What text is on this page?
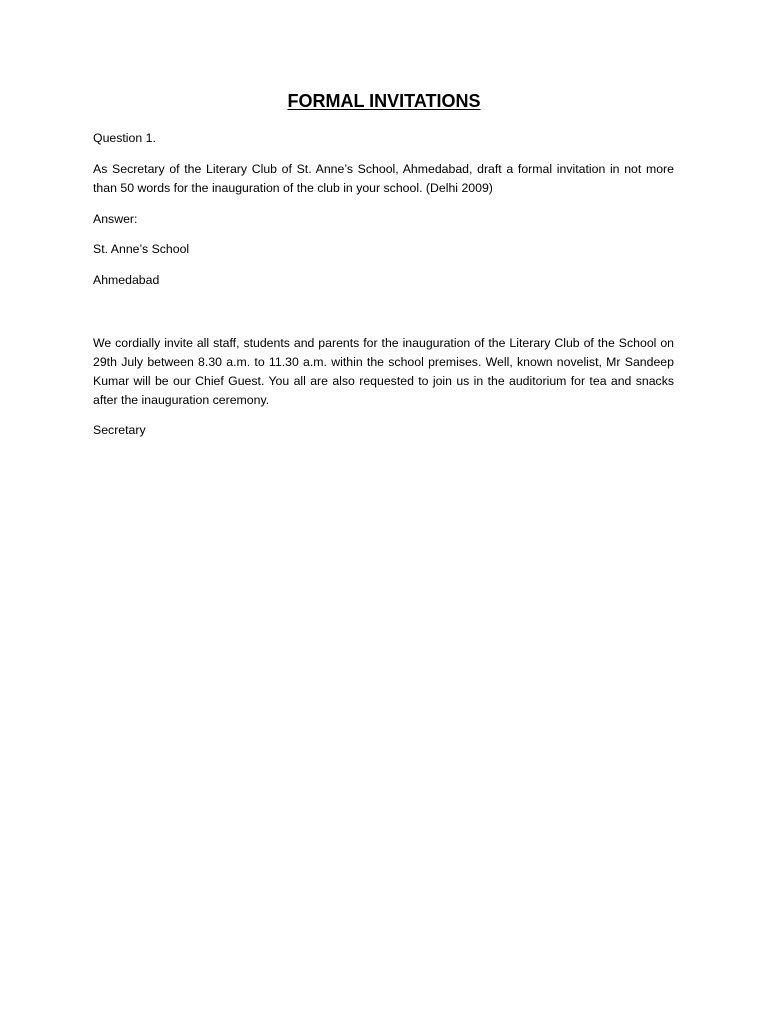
FORMAL INVITATIONS

Question 1.

As Secretary of the Literary Club of St. Anne’s School, Ahmedabad, draft a formal invitation in not more than 50 words for the inauguration of the club in your school. (Delhi 2009)

Answer:

St. Anne’s School

Ahmedabad

We cordially invite all staff, students and parents for the inauguration of the Literary Club of the School on 29th July between 8.30 a.m. to 11.30 a.m. within the school premises. Well, known novelist, Mr Sandeep Kumar will be our Chief Guest. You all are also requested to join us in the auditorium for tea and snacks after the inauguration ceremony.

Secretary
